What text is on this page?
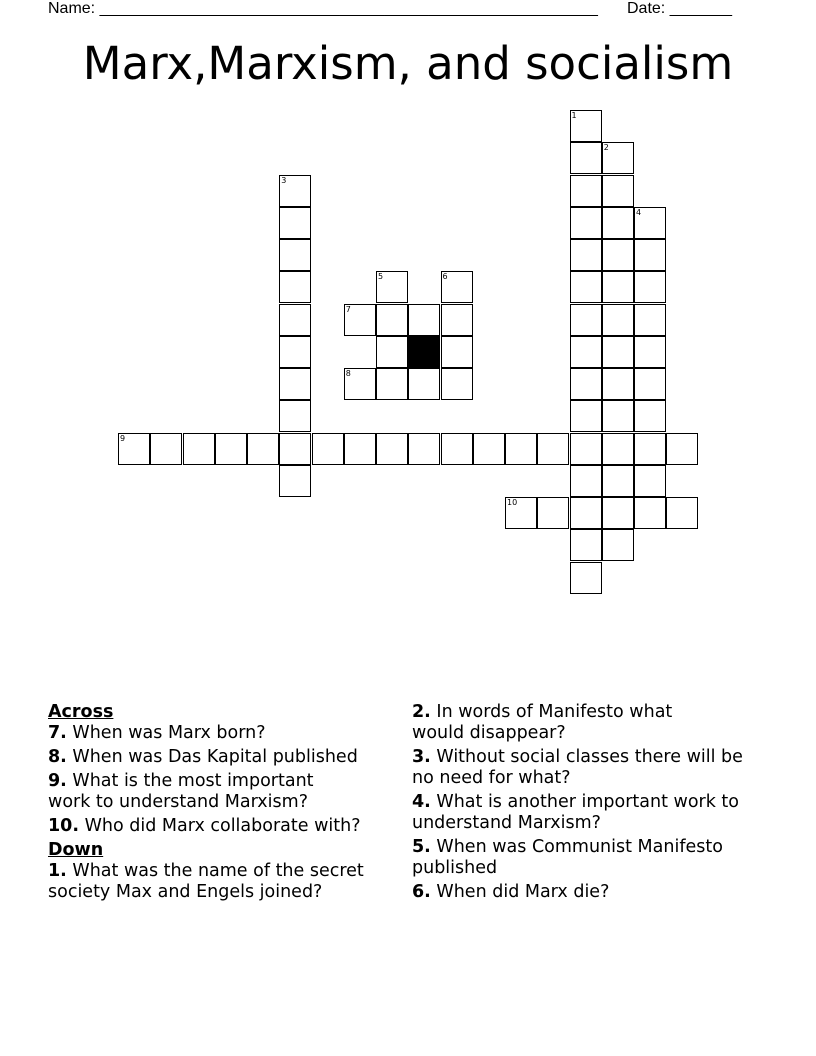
Name: ________________________________________________________ Date: _______
Marx,Marxism, and socialism
1
2
3
4
5	6
7
8
9
10
Across
7. When was Marx born?
8. When was Das Kapital published
9. What is the most important work to understand Marxism?
10. Who did Marx collaborate with?
Down
1. What was the name of the secret society Max and Engels joined?
2. In words of Manifesto what would disappear?
3. Without social classes there will be no need for what?
4. What is another important work to understand Marxism?
5. When was Communist Manifesto published
6. When did Marx die?
